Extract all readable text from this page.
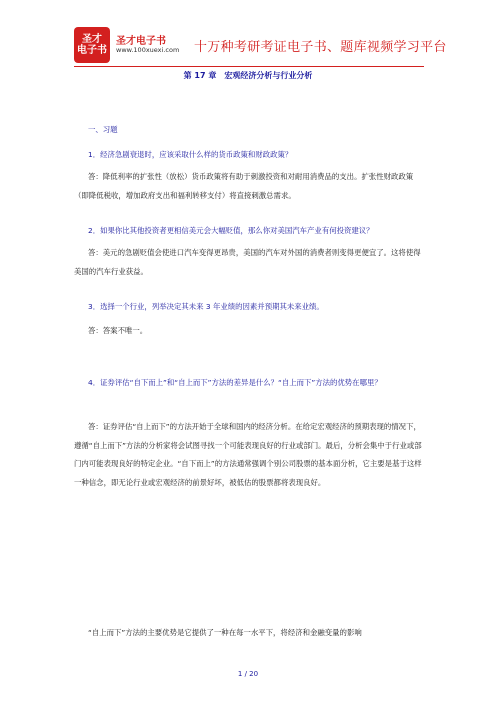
圣才
电子书
圣才电子书
www.100xuexi.com 十万种考研考证电子书、题库视频学习平台
第 17 章　宏观经济分析与行业分析
一、习题
1．经济急剧衰退时，应该采取什么样的货币政策和财政政策？
答：降低利率的扩张性（放松）货币政策将有助于刺激投资和对耐用消费品的支出。扩张性财政政策（即降低税收，增加政府支出和福利转移支付）将直接刺激总需求。
2．如果你比其他投资者更相信美元会大幅贬值，那么你对美国汽车产业有何投资建议？
答：美元的急剧贬值会使进口汽车变得更昂贵，美国的汽车对外国的消费者则变得更便宜了。这将使得美国的汽车行业获益。
3．选择一个行业，列举决定其未来 3 年业绩的因素并预期其未来业绩。
答：答案不唯一。
4．证券评估“自下而上”和“自上而下”方法的差异是什么？“自上而下”方法的优势在哪里？
答：证券评估“自上而下”的方法开始于全球和国内的经济分析。在给定宏观经济的预期表现的情况下，遵循“自上而下”方法的分析家将会试图寻找一个可能表现良好的行业或部门。最后，分析会集中于行业或部门内可能表现良好的特定企业。“自下而上”的方法通常强调个别公司股票的基本面分析，它主要是基于这样一种信念，即无论行业或宏观经济的前景好坏，被低估的股票都将表现良好。
“自上而下”方法的主要优势是它提供了一种在每一水平下，将经济和金融变量的影响
1 / 20
